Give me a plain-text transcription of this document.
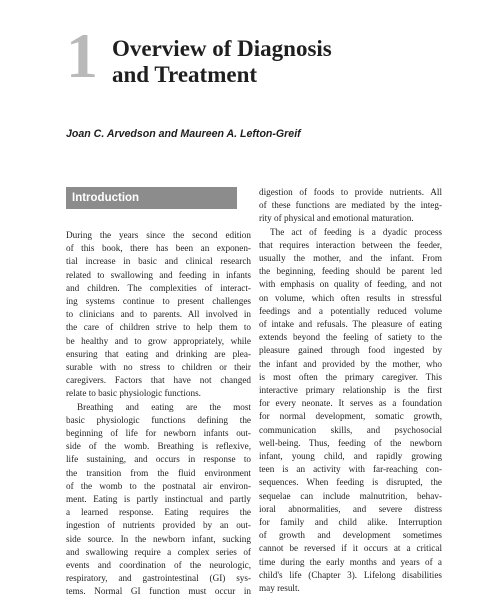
1 Overview of Diagnosis
and Treatment

Joan C. Arvedson and Maureen A. Lefton-Greif

Introduction
During the years since the second edition
of this book, there has been an exponen-
tial increase in basic and clinical research
related to swallowing and feeding in infants
and children. The complexities of interact-
ing systems continue to present challenges
to clinicians and to parents. All involved in
the care of children strive to help them to
be healthy and to grow appropriately, while
ensuring that eating and drinking are plea-
surable with no stress to children or their
caregivers. Factors that have not changed
relate to basic physiologic functions.
Breathing and eating are the most
basic physiologic functions defining the
beginning of life for newborn infants out-
side of the womb. Breathing is reflexive,
life sustaining, and occurs in response to
the transition from the fluid environment
of the womb to the postnatal air environ-
ment. Eating is partly instinctual and partly
a learned response. Eating requires the
ingestion of nutrients provided by an out-
side source. In the newborn infant, sucking
and swallowing require a complex series of
events and coordination of the neurologic,
respiratory, and gastrointestinal (GI) sys-
tems. Normal GI function must occur in
digestion of foods to provide nutrients. All
of these functions are mediated by the integ-
rity of physical and emotional maturation.
The act of feeding is a dyadic process
that requires interaction between the feeder,
usually the mother, and the infant. From
the beginning, feeding should be parent led
with emphasis on quality of feeding, and not
on volume, which often results in stressful
feedings and a potentially reduced volume
of intake and refusals. The pleasure of eating
extends beyond the feeling of satiety to the
pleasure gained through food ingested by
the infant and provided by the mother, who
is most often the primary caregiver. This
interactive primary relationship is the first
for every neonate. It serves as a foundation
for normal development, somatic growth,
communication skills, and psychosocial
well-being. Thus, feeding of the newborn
infant, young child, and rapidly growing
teen is an activity with far-reaching con-
sequences. When feeding is disrupted, the
sequelae can include malnutrition, behav-
ioral abnormalities, and severe distress
for family and child alike. Interruption
of growth and development sometimes
cannot be reversed if it occurs at a critical
time during the early months and years of a
child's life (Chapter 3). Lifelong disabilities
may result.
